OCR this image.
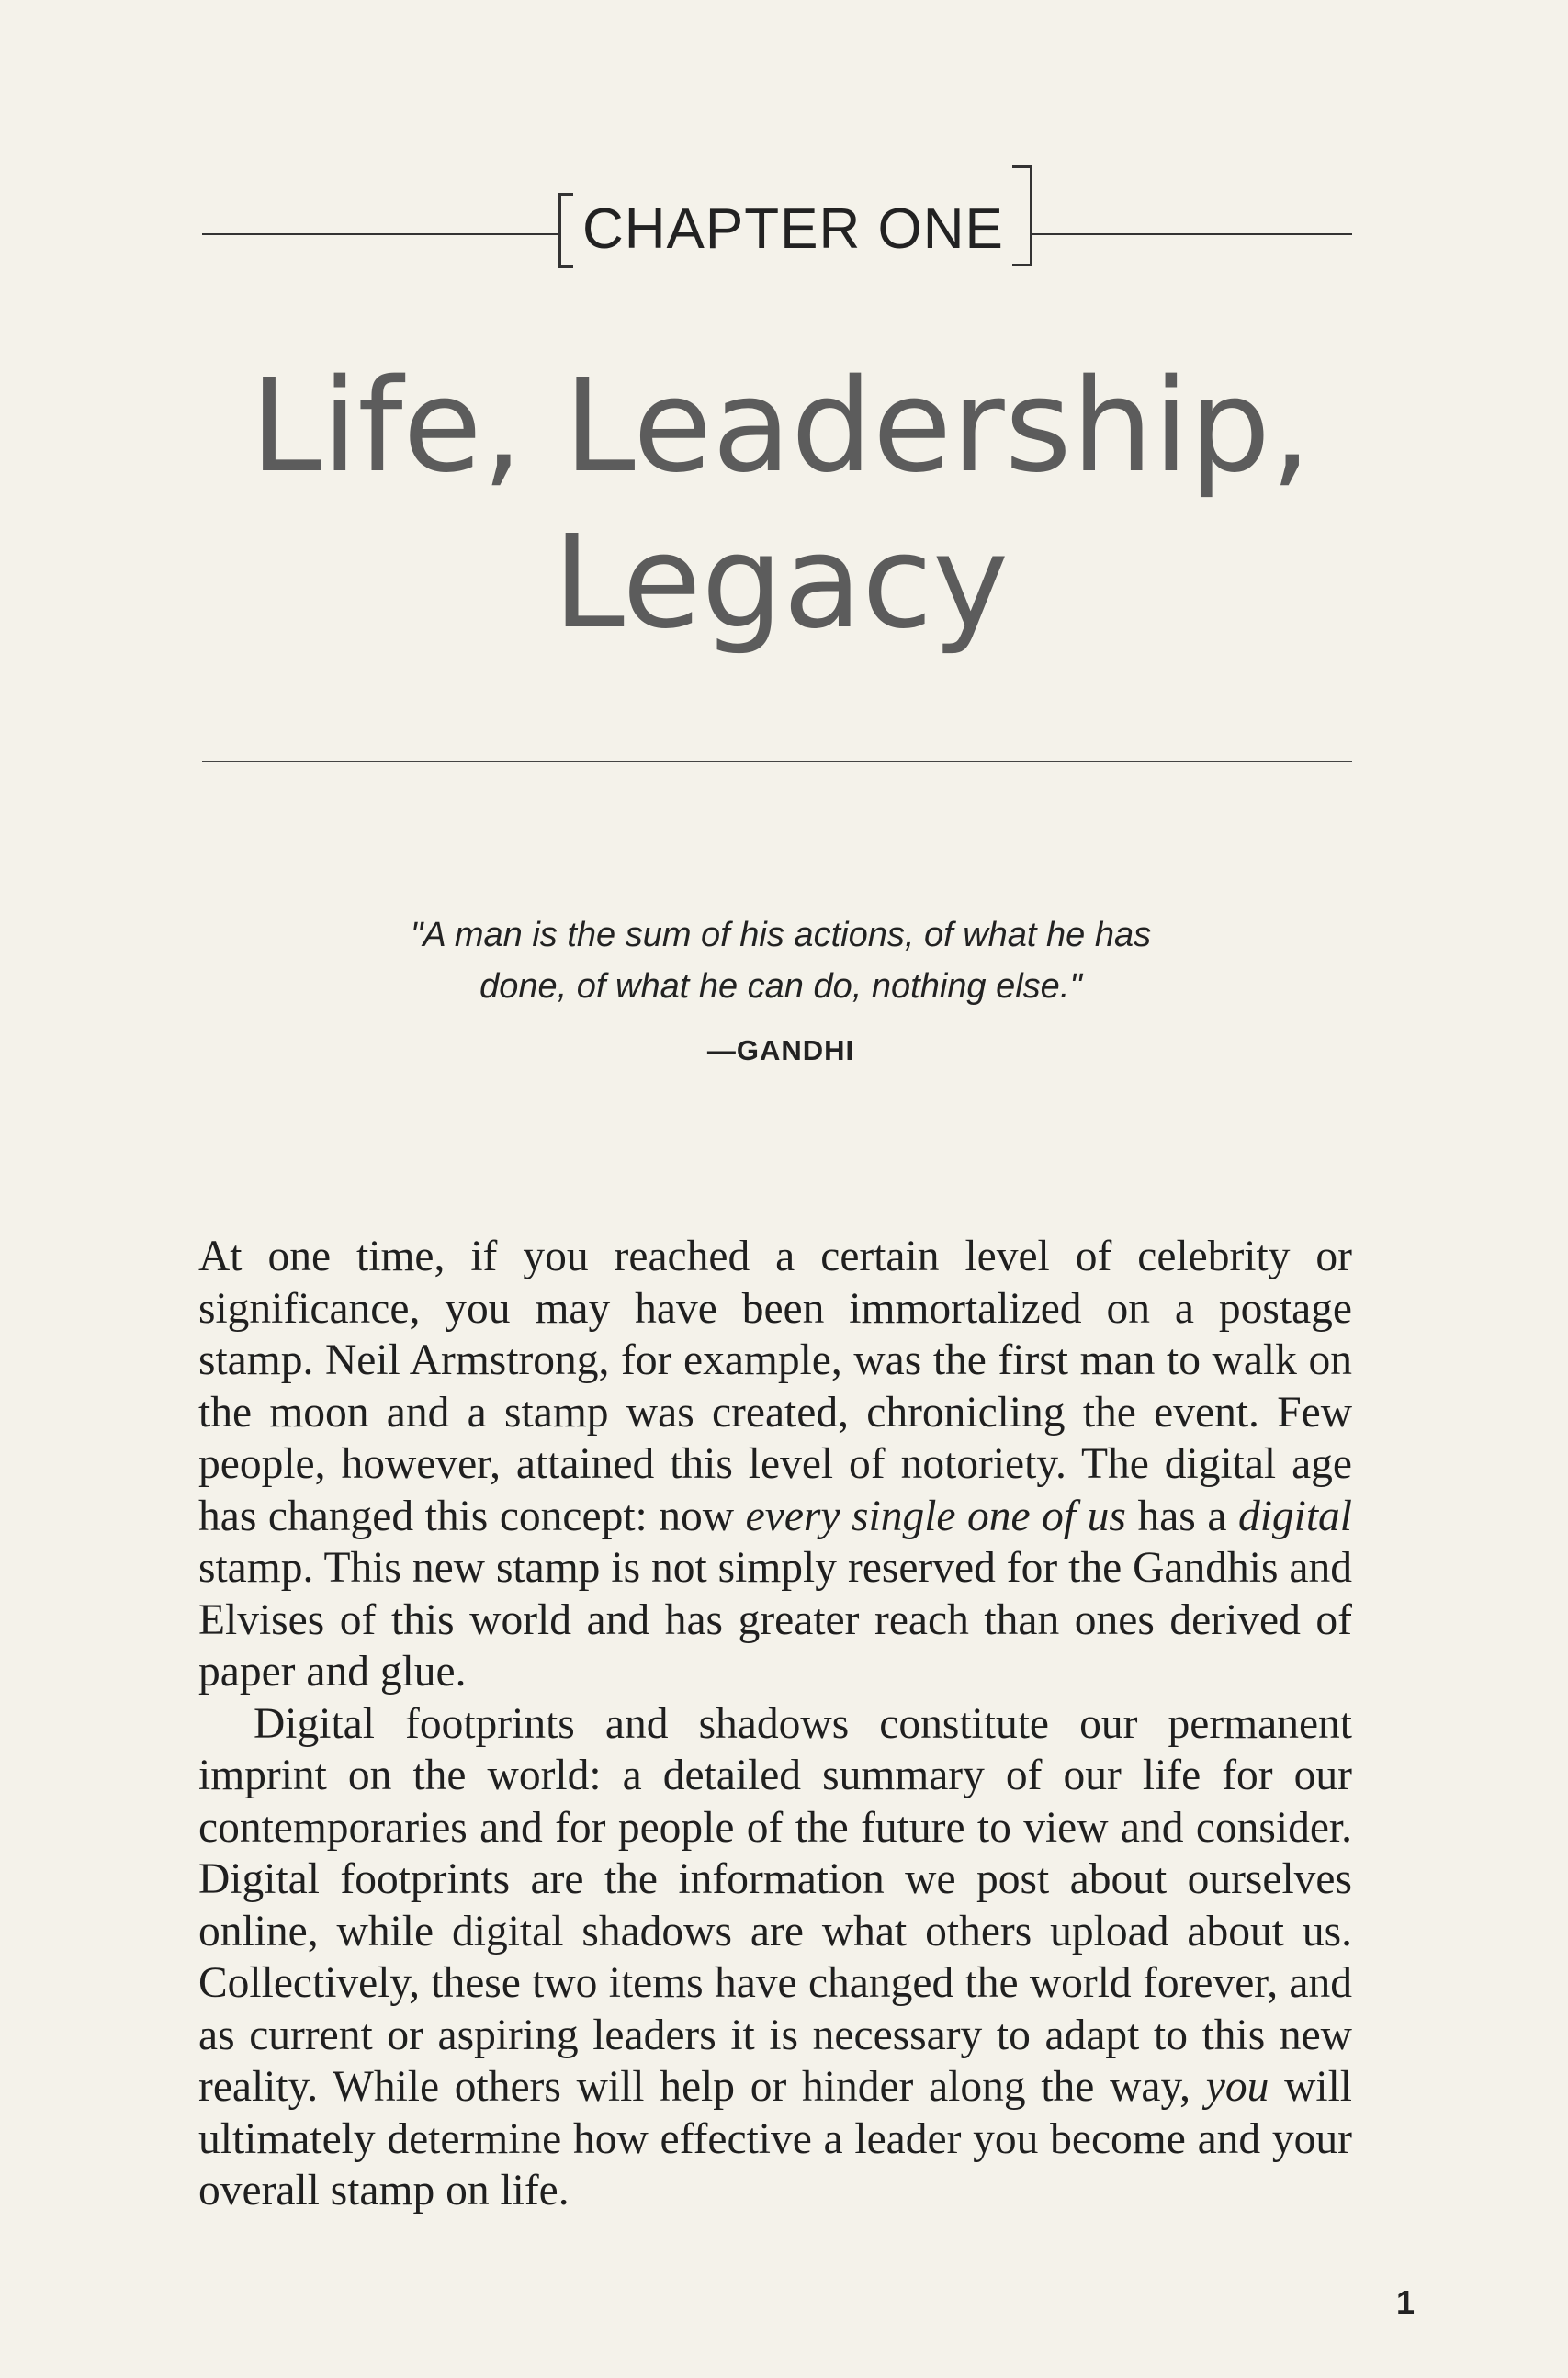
CHAPTER ONE
Life, Leadership,
Legacy

"A man is the sum of his actions, of what he has
done, of what he can do, nothing else."

—GANDHI

At one time, if you reached a certain level of celebrity or significance, you may have been immortalized on a postage stamp. Neil Armstrong, for example, was the first man to walk on the moon and a stamp was created, chronicling the event. Few people, however, attained this level of notoriety. The digital age has changed this concept: now every single one of us has a digital stamp. This new stamp is not simply reserved for the Gandhis and Elvises of this world and has greater reach than ones derived of paper and glue.

Digital footprints and shadows constitute our permanent imprint on the world: a detailed summary of our life for our contemporaries and for people of the future to view and consider. Digital footprints are the information we post about ourselves online, while digital shadows are what others upload about us. Collectively, these two items have changed the world forever, and as current or aspiring leaders it is necessary to adapt to this new reality. While others will help or hinder along the way, you will ultimately determine how effective a leader you become and your overall stamp on life.

1
